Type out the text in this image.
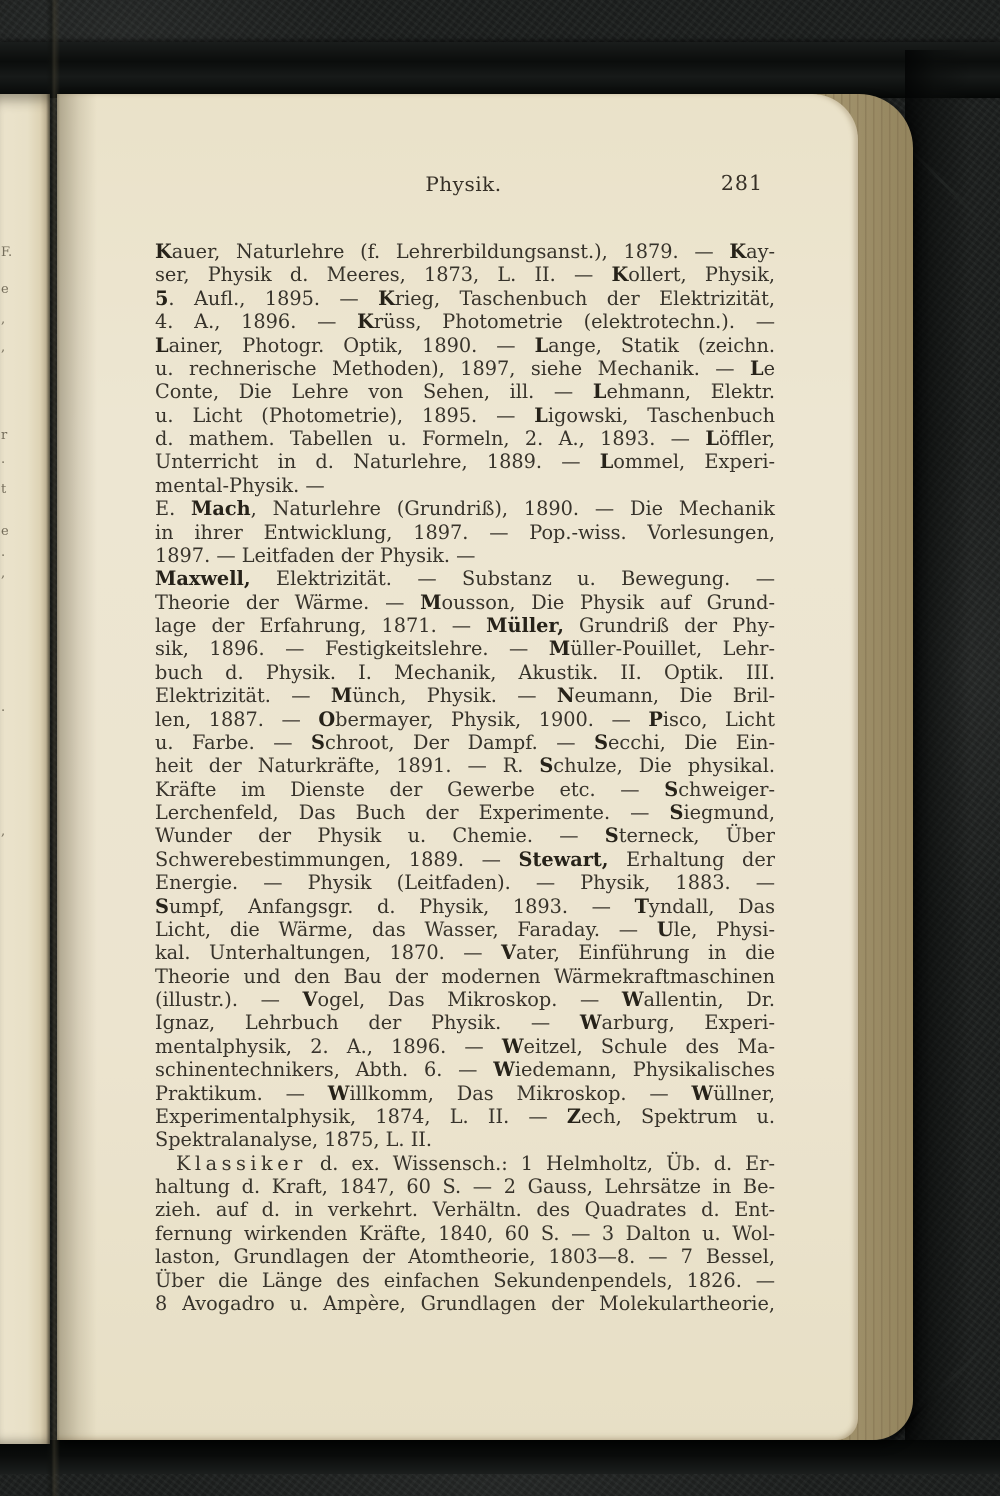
F.
e
,
,
r
.
t
e
.
,
.
,
Physik.	281
Kauer, Naturlehre (f. Lehrerbildungsanst.), 1879. — Kay-
ser, Physik d. Meeres, 1873, L. II. — Kollert, Physik,
5. Aufl., 1895. — Krieg, Taschenbuch der Elektrizität,
4. A., 1896. — Krüss, Photometrie (elektrotechn.). —
Lainer, Photogr. Optik, 1890. — Lange, Statik (zeichn.
u. rechnerische Methoden), 1897, siehe Mechanik. — Le
Conte, Die Lehre von Sehen, ill. — Lehmann, Elektr.
u. Licht (Photometrie), 1895. — Ligowski, Taschenbuch
d. mathem. Tabellen u. Formeln, 2. A., 1893. — Löffler,
Unterricht in d. Naturlehre, 1889. — Lommel, Experi-
mental-Physik. —
E. Mach, Naturlehre (Grundriß), 1890. — Die Mechanik
in ihrer Entwicklung, 1897. — Pop.-wiss. Vorlesungen,
1897. — Leitfaden der Physik. —
Maxwell, Elektrizität. — Substanz u. Bewegung. —
Theorie der Wärme. — Mousson, Die Physik auf Grund-
lage der Erfahrung, 1871. — Müller, Grundriß der Phy-
sik, 1896. — Festigkeitslehre. — Müller-Pouillet, Lehr-
buch d. Physik. I. Mechanik, Akustik. II. Optik. III.
Elektrizität. — Münch, Physik. — Neumann, Die Bril-
len, 1887. — Obermayer, Physik, 1900. — Pisco, Licht
u. Farbe. — Schroot, Der Dampf. — Secchi, Die Ein-
heit der Naturkräfte, 1891. — R. Schulze, Die physikal.
Kräfte im Dienste der Gewerbe etc. — Schweiger-
Lerchenfeld, Das Buch der Experimente. — Siegmund,
Wunder der Physik u. Chemie. — Sterneck, Über
Schwerebestimmungen, 1889. — Stewart, Erhaltung der
Energie. — Physik (Leitfaden). — Physik, 1883. —
Sumpf, Anfangsgr. d. Physik, 1893. — Tyndall, Das
Licht, die Wärme, das Wasser, Faraday. — Ule, Physi-
kal. Unterhaltungen, 1870. — Vater, Einführung in die
Theorie und den Bau der modernen Wärmekraftmaschinen
(illustr.). — Vogel, Das Mikroskop. — Wallentin, Dr.
Ignaz, Lehrbuch der Physik. — Warburg, Experi-
mentalphysik, 2. A., 1896. — Weitzel, Schule des Ma-
schinentechnikers, Abth. 6. — Wiedemann, Physikalisches
Praktikum. — Willkomm, Das Mikroskop. — Wüllner,
Experimentalphysik, 1874, L. II. — Zech, Spektrum u.
Spektralanalyse, 1875, L. II.
Klassiker d. ex. Wissensch.: 1 Helmholtz, Üb. d. Er-
haltung d. Kraft, 1847, 60 S. — 2 Gauss, Lehrsätze in Be-
zieh. auf d. in verkehrt. Verhältn. des Quadrates d. Ent-
fernung wirkenden Kräfte, 1840, 60 S. — 3 Dalton u. Wol-
laston, Grundlagen der Atomtheorie, 1803—8. — 7 Bessel,
Über die Länge des einfachen Sekundenpendels, 1826. —
8 Avogadro u. Ampère, Grundlagen der Molekulartheorie,
